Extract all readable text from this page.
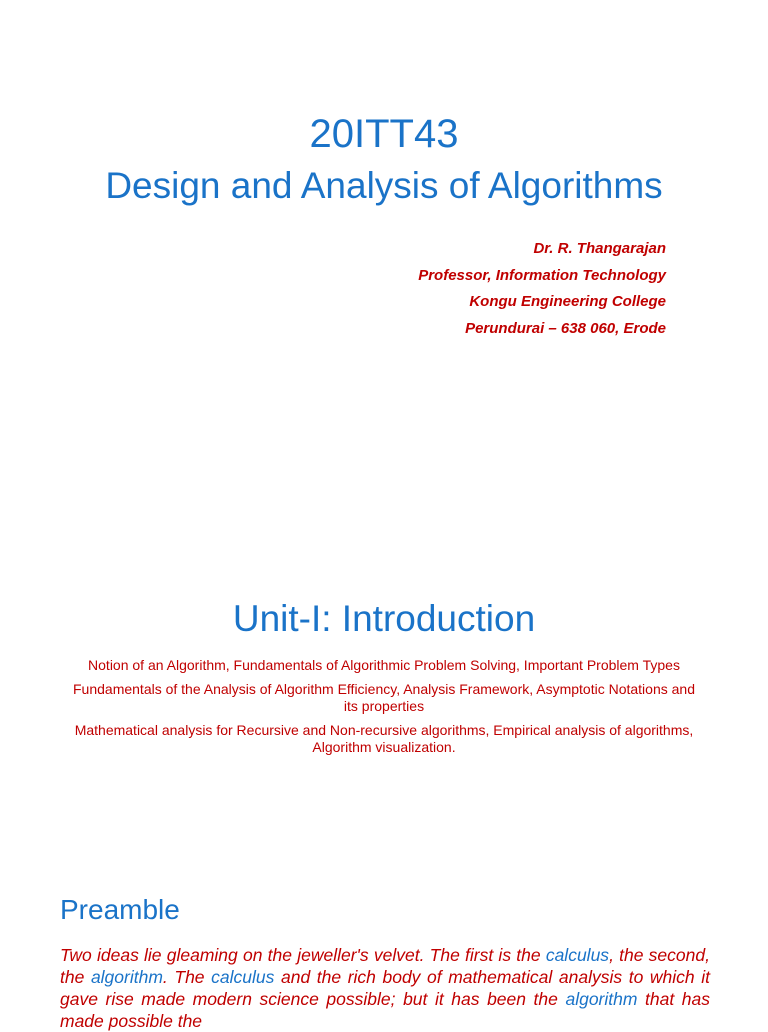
20ITT43
Design and Analysis of Algorithms
Dr. R. Thangarajan
Professor, Information Technology
Kongu Engineering College
Perundurai – 638 060, Erode
Unit-I: Introduction
Notion of an Algorithm, Fundamentals of Algorithmic Problem Solving, Important Problem Types
Fundamentals of the Analysis of Algorithm Efficiency, Analysis Framework, Asymptotic Notations and its properties
Mathematical analysis for Recursive and Non-recursive algorithms, Empirical analysis of algorithms, Algorithm visualization.
Preamble
Two ideas lie gleaming on the jeweller's velvet. The first is the calculus, the second, the algorithm. The calculus and the rich body of mathematical analysis to which it gave rise made modern science possible; but it has been the algorithm that has made possible the
